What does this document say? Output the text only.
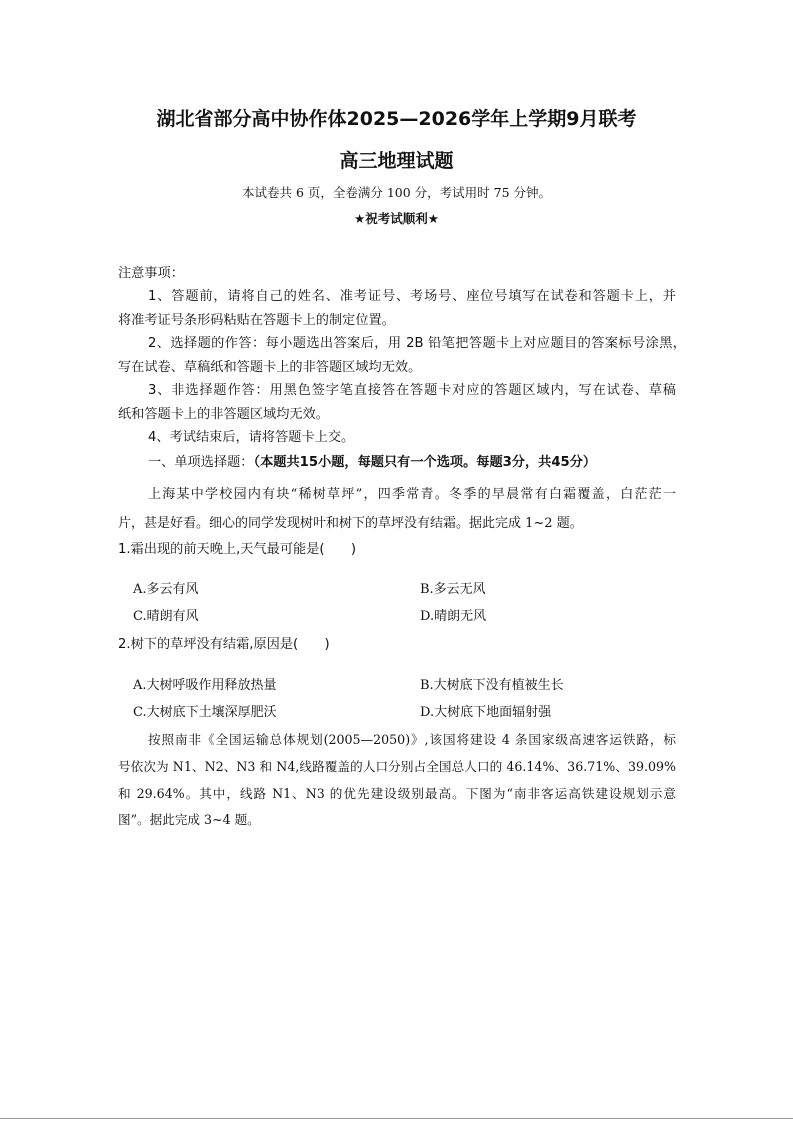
湖北省部分高中协作体2025—2026学年上学期9月联考
高三地理试题
本试卷共 6 页，全卷满分 100 分，考试用时 75 分钟。
★祝考试顺利★
注意事项：
1、答题前，请将自己的姓名、准考证号、考场号、座位号填写在试卷和答题卡上，并
将准考证号条形码粘贴在答题卡上的制定位置。
2、选择题的作答：每小题选出答案后，用 2B 铅笔把答题卡上对应题目的答案标号涂黑，
写在试卷、草稿纸和答题卡上的非答题区域均无效。
3、非选择题作答：用黑色签字笔直接答在答题卡对应的答题区域内，写在试卷、草稿
纸和答题卡上的非答题区域均无效。
4、考试结束后，请将答题卡上交。
一、单项选择题：（本题共15小题，每题只有一个选项。每题3分，共45分）
上海某中学校园内有块“稀树草坪”，四季常青。冬季的早晨常有白霜覆盖，白茫茫一
片，甚是好看。细心的同学发现树叶和树下的草坪没有结霜。据此完成 1~2 题。
1.霜出现的前天晚上,天气最可能是(　　)
A.多云有风	B.多云无风
C.晴朗有风	D.晴朗无风
2.树下的草坪没有结霜,原因是(　　)
A.大树呼吸作用释放热量	B.大树底下没有植被生长
C.大树底下土壤深厚肥沃	D.大树底下地面辐射强
按照南非《全国运输总体规划(2005—2050)》,该国将建设 4 条国家级高速客运铁路，标
号依次为 N1、N2、N3 和 N4,线路覆盖的人口分别占全国总人口的 46.14%、36.71%、39.09%
和 29.64%。其中，线路 N1、N3 的优先建设级别最高。下图为“南非客运高铁建设规划示意
图”。据此完成 3~4 题。
